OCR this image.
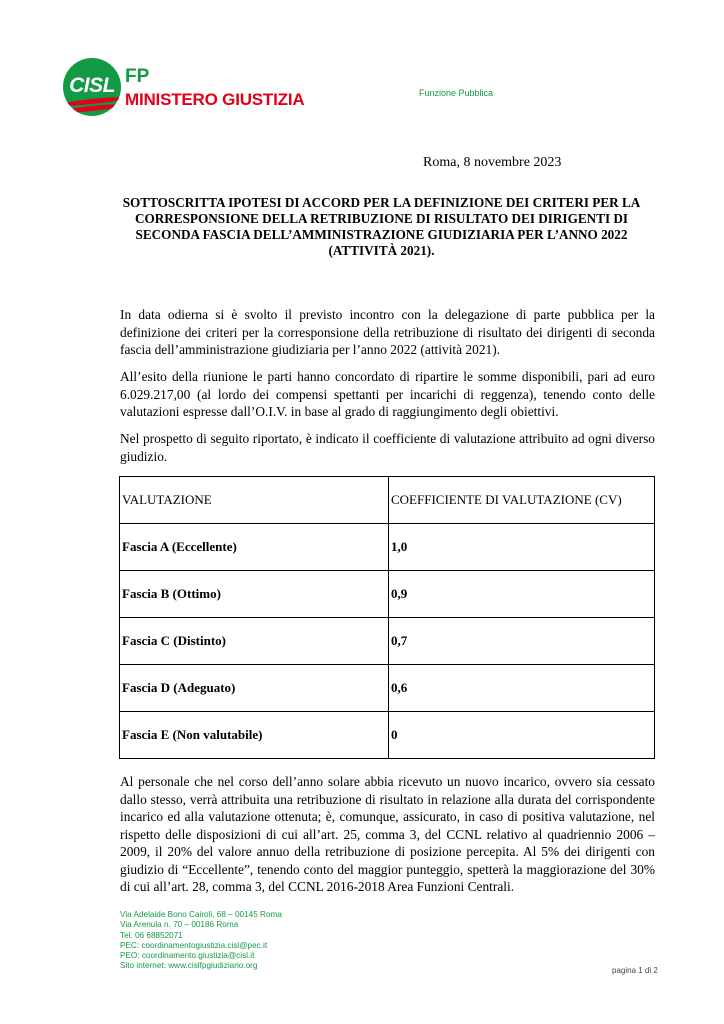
CISL FP
MINISTERO GIUSTIZIA	Funzione Pubblica
Roma, 8 novembre 2023
SOTTOSCRITTA IPOTESI DI ACCORD PER LA DEFINIZIONE DEI CRITERI PER LA CORRESPONSIONE DELLA RETRIBUZIONE DI RISULTATO DEI DIRIGENTI DI SECONDA FASCIA DELL’AMMINISTRAZIONE GIUDIZIARIA PER L’ANNO 2022 (ATTIVITÀ 2021).
In data odierna si è svolto il previsto incontro con la delegazione di parte pubblica per la definizione dei criteri per la corresponsione della retribuzione di risultato dei dirigenti di seconda fascia dell’amministrazione giudiziaria per l’anno 2022 (attività 2021).
All’esito della riunione le parti hanno concordato di ripartire le somme disponibili, pari ad euro 6.029.217,00 (al lordo dei compensi spettanti per incarichi di reggenza), tenendo conto delle valutazioni espresse dall’O.I.V. in base al grado di raggiungimento degli obiettivi.
Nel prospetto di seguito riportato, è indicato il coefficiente di valutazione attribuito ad ogni diverso giudizio.
VALUTAZIONE	COEFFICIENTE DI VALUTAZIONE (CV)
Fascia A (Eccellente)	1,0
Fascia B (Ottimo)	0,9
Fascia C (Distinto)	0,7
Fascia D (Adeguato)	0,6
Fascia E (Non valutabile)	0
Al personale che nel corso dell’anno solare abbia ricevuto un nuovo incarico, ovvero sia cessato dallo stesso, verrà attribuita una retribuzione di risultato in relazione alla durata del corrispondente incarico ed alla valutazione ottenuta; è, comunque, assicurato, in caso di positiva valutazione, nel rispetto delle disposizioni di cui all’art. 25, comma 3, del CCNL relativo al quadriennio 2006 – 2009, il 20% del valore annuo della retribuzione di posizione percepita. Al 5% dei dirigenti con giudizio di “Eccellente”, tenendo conto del maggior punteggio, spetterà la maggiorazione del 30% di cui all’art. 28, comma 3, del CCNL 2016-2018 Area Funzioni Centrali.
Via Adelaide Bono Cairoli, 68 – 00145 Roma
Via Arenula n. 70 – 00186 Roma
Tel. 06 68852071
PEC: coordinamentogiustizia.cisl@pec.it
PEO: coordinamento.giustizia@cisl.it
Sito internet: www.cislfpgiudiziario.org
pagina 1 di 2
